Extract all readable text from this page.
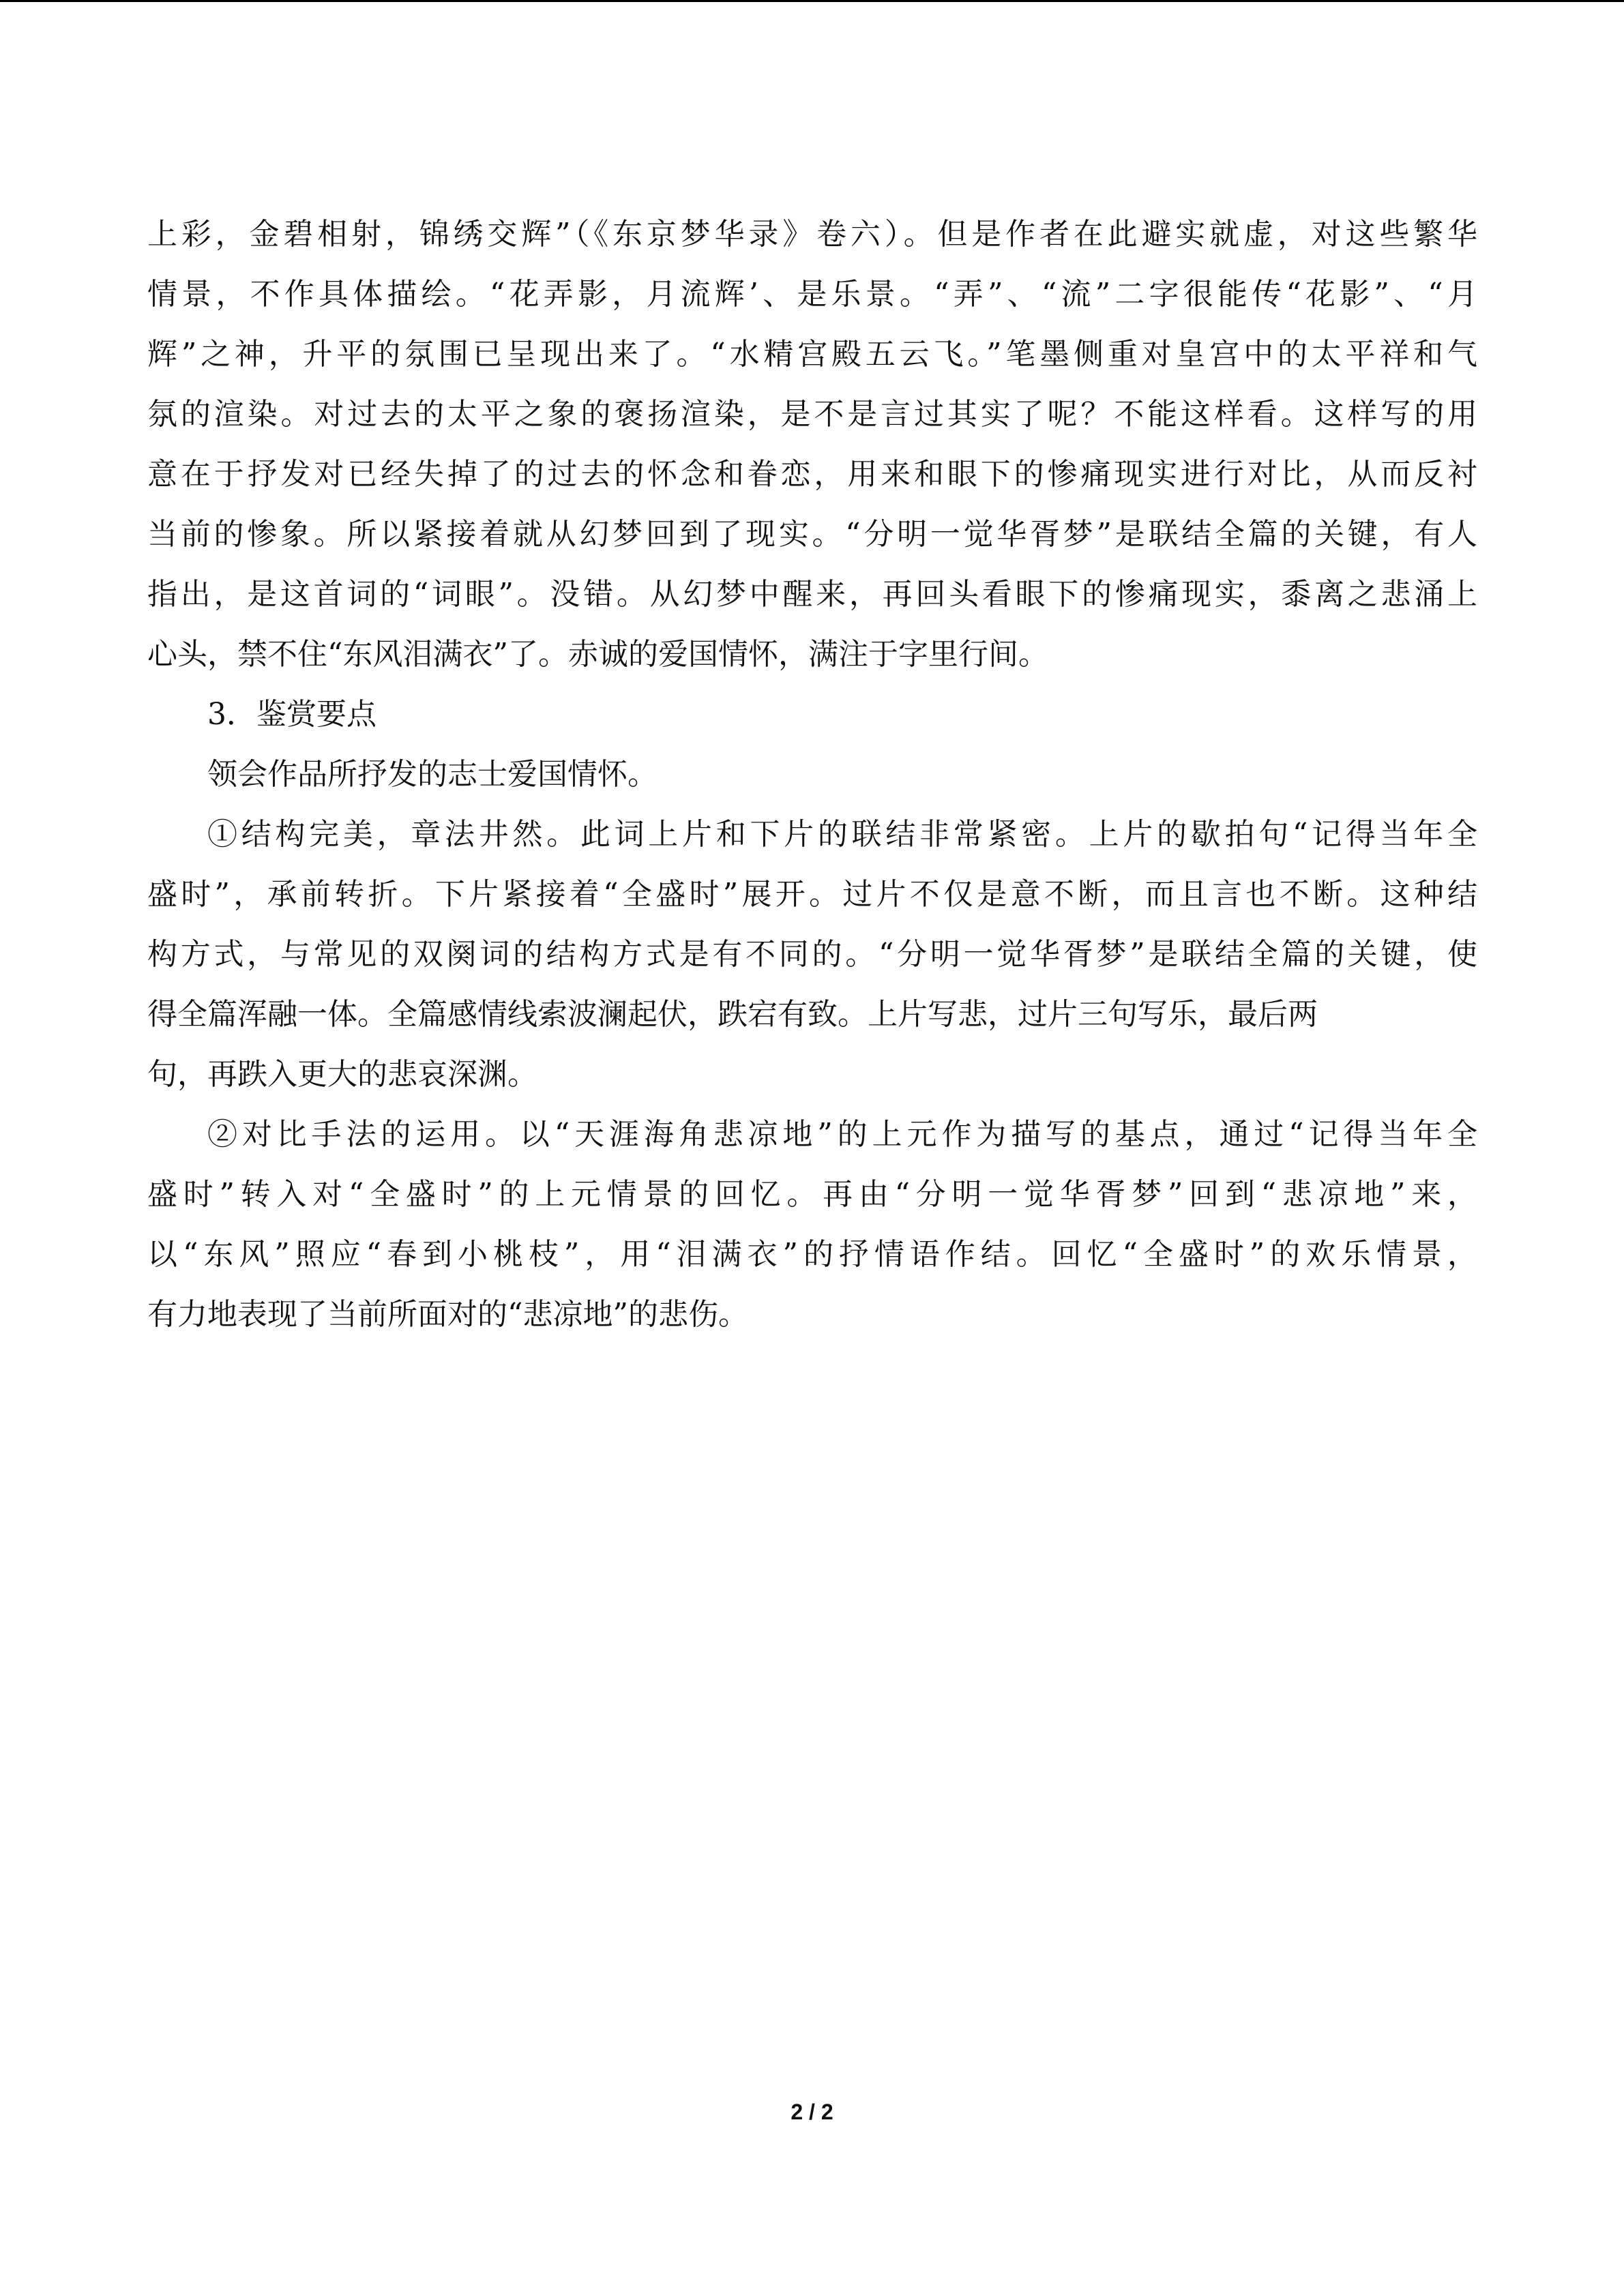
上彩，金碧相射，锦绣交辉”（《东京梦华录》卷六）。但是作者在此避实就虚，对这些繁华
情景，不作具体描绘。“花弄影，月流辉’、是乐景。“弄”、“流”二字很能传“花影”、“月
辉”之神，升平的氛围已呈现出来了。“水精宫殿五云飞。”笔墨侧重对皇宫中的太平祥和气
氛的渲染。对过去的太平之象的褒扬渲染，是不是言过其实了呢？不能这样看。这样写的用
意在于抒发对已经失掉了的过去的怀念和眷恋，用来和眼下的惨痛现实进行对比，从而反衬
当前的惨象。所以紧接着就从幻梦回到了现实。“分明一觉华胥梦”是联结全篇的关键，有人
指出，是这首词的“词眼”。没错。从幻梦中醒来，再回头看眼下的惨痛现实，黍离之悲涌上
心头，禁不住“东风泪满衣”了。赤诚的爱国情怀，满注于字里行间。
3．鉴赏要点
领会作品所抒发的志士爱国情怀。
①结构完美，章法井然。此词上片和下片的联结非常紧密。上片的歇拍句“记得当年全
盛时”，承前转折。下片紧接着“全盛时”展开。过片不仅是意不断，而且言也不断。这种结
构方式，与常见的双阕词的结构方式是有不同的。“分明一觉华胥梦”是联结全篇的关键，使
得全篇浑融一体。全篇感情线索波澜起伏，跌宕有致。上片写悲，过片三句写乐，最后两
句，再跌入更大的悲哀深渊。
②对比手法的运用。以“天涯海角悲凉地”的上元作为描写的基点，通过“记得当年全
盛时”转入对“全盛时”的上元情景的回忆。再由“分明一觉华胥梦”回到“悲凉地”来，
以“东风”照应“春到小桃枝”，用“泪满衣”的抒情语作结。回忆“全盛时”的欢乐情景，
有力地表现了当前所面对的“悲凉地”的悲伤。
2 / 2
